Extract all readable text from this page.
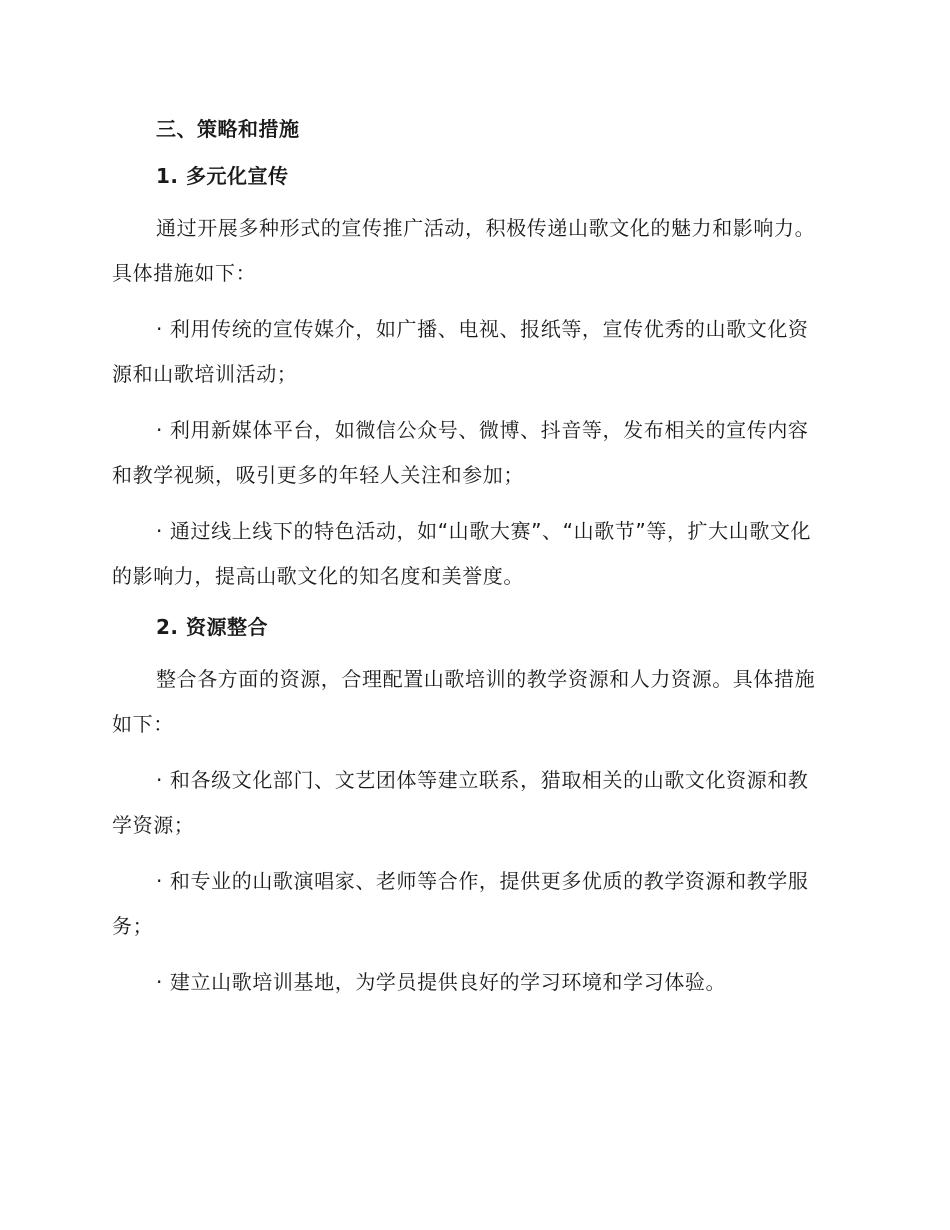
三、策略和措施
1. 多元化宣传

通过开展多种形式的宣传推广活动，积极传递山歌文化的魅力和影响力。具体措施如下：

· 利用传统的宣传媒介，如广播、电视、报纸等，宣传优秀的山歌文化资源和山歌培训活动；

· 利用新媒体平台，如微信公众号、微博、抖音等，发布相关的宣传内容和教学视频，吸引更多的年轻人关注和参加；

· 通过线上线下的特色活动，如“山歌大赛”、“山歌节”等，扩大山歌文化的影响力，提高山歌文化的知名度和美誉度。

2. 资源整合

整合各方面的资源，合理配置山歌培训的教学资源和人力资源。具体措施如下：

· 和各级文化部门、文艺团体等建立联系，猎取相关的山歌文化资源和教学资源；

· 和专业的山歌演唱家、老师等合作，提供更多优质的教学资源和教学服务；

· 建立山歌培训基地，为学员提供良好的学习环境和学习体验。
